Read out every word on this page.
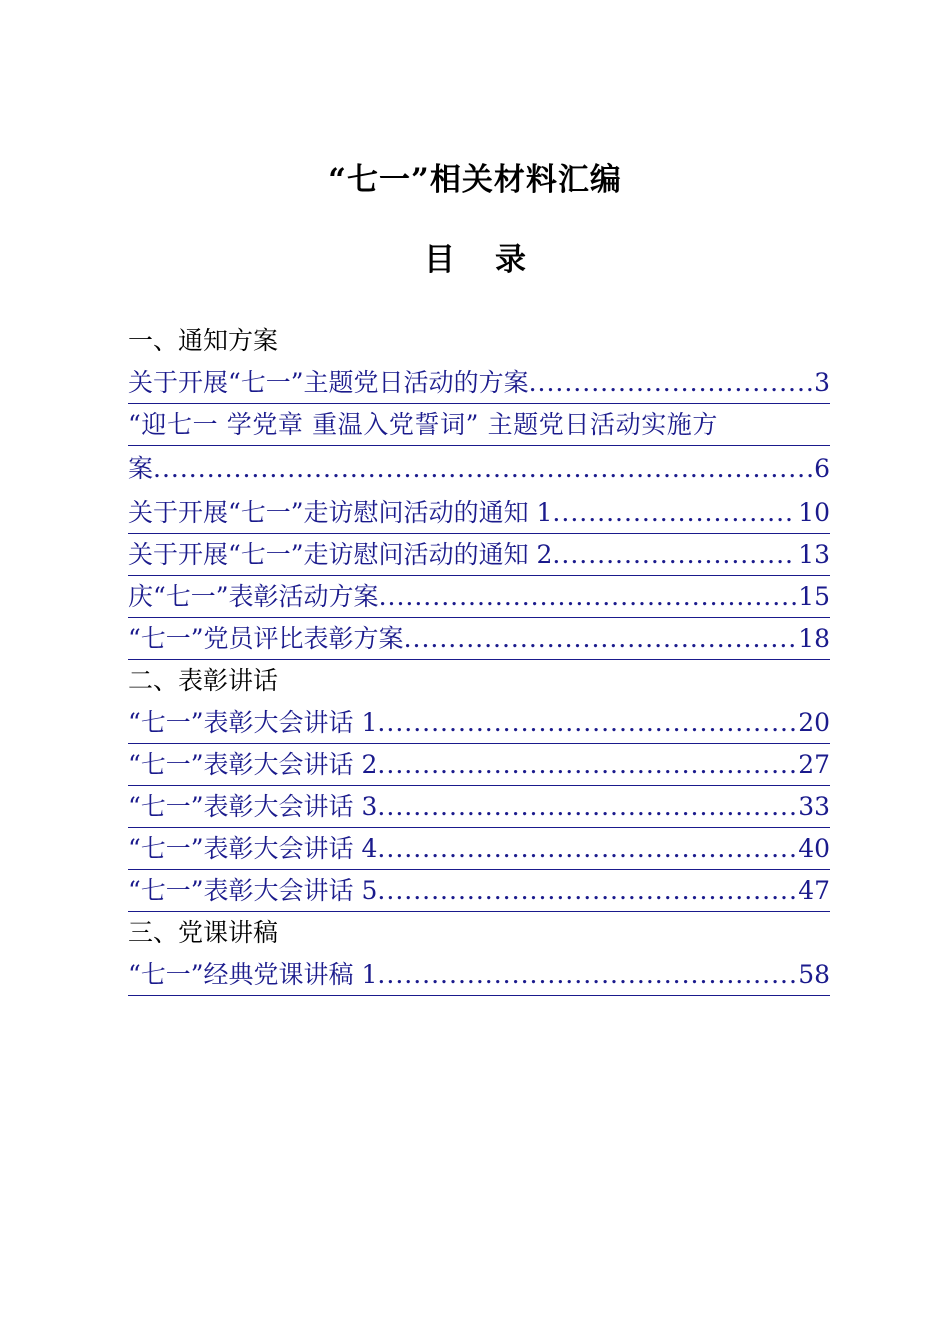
“七一”相关材料汇编
目 录
一、通知方案
关于开展“七一”主题党日活动的方案 .....	3
“迎七一 学党章 重温入党誓词” 主题党日活动实施方
案 .....	6
关于开展“七一”走访慰问活动的通知 1 .....	10
关于开展“七一”走访慰问活动的通知 2 .....	13
庆“七一”表彰活动方案 .....	15
“七一”党员评比表彰方案 .....	18
二、表彰讲话
“七一”表彰大会讲话 1 .....	20
“七一”表彰大会讲话 2 .....	27
“七一”表彰大会讲话 3 .....	33
“七一”表彰大会讲话 4 .....	40
“七一”表彰大会讲话 5 .....	47
三、党课讲稿
“七一”经典党课讲稿 1 .....	58
